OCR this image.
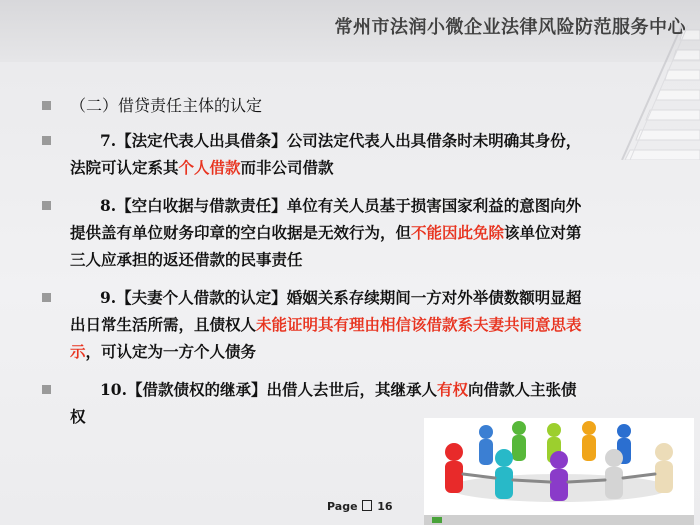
常州市法润小微企业法律风险防范服务中心
（二）借贷责任主体的认定
7.【法定代表人出具借条】公司法定代表人出具借条时未明确其身份，
法院可认定系其个人借款而非公司借款
8.【空白收据与借款责任】单位有关人员基于损害国家利益的意图向外
提供盖有单位财务印章的空白收据是无效行为，但不能因此免除该单位对第
三人应承担的返还借款的民事责任
9.【夫妻个人借款的认定】婚姻关系存续期间一方对外举债数额明显超
出日常生活所需，且债权人未能证明其有理由相信该借款系夫妻共同意思表
示，可认定为一方个人债务
10.【借款债权的继承】出借人去世后，其继承人有权向借款人主张债
权
Page 16
